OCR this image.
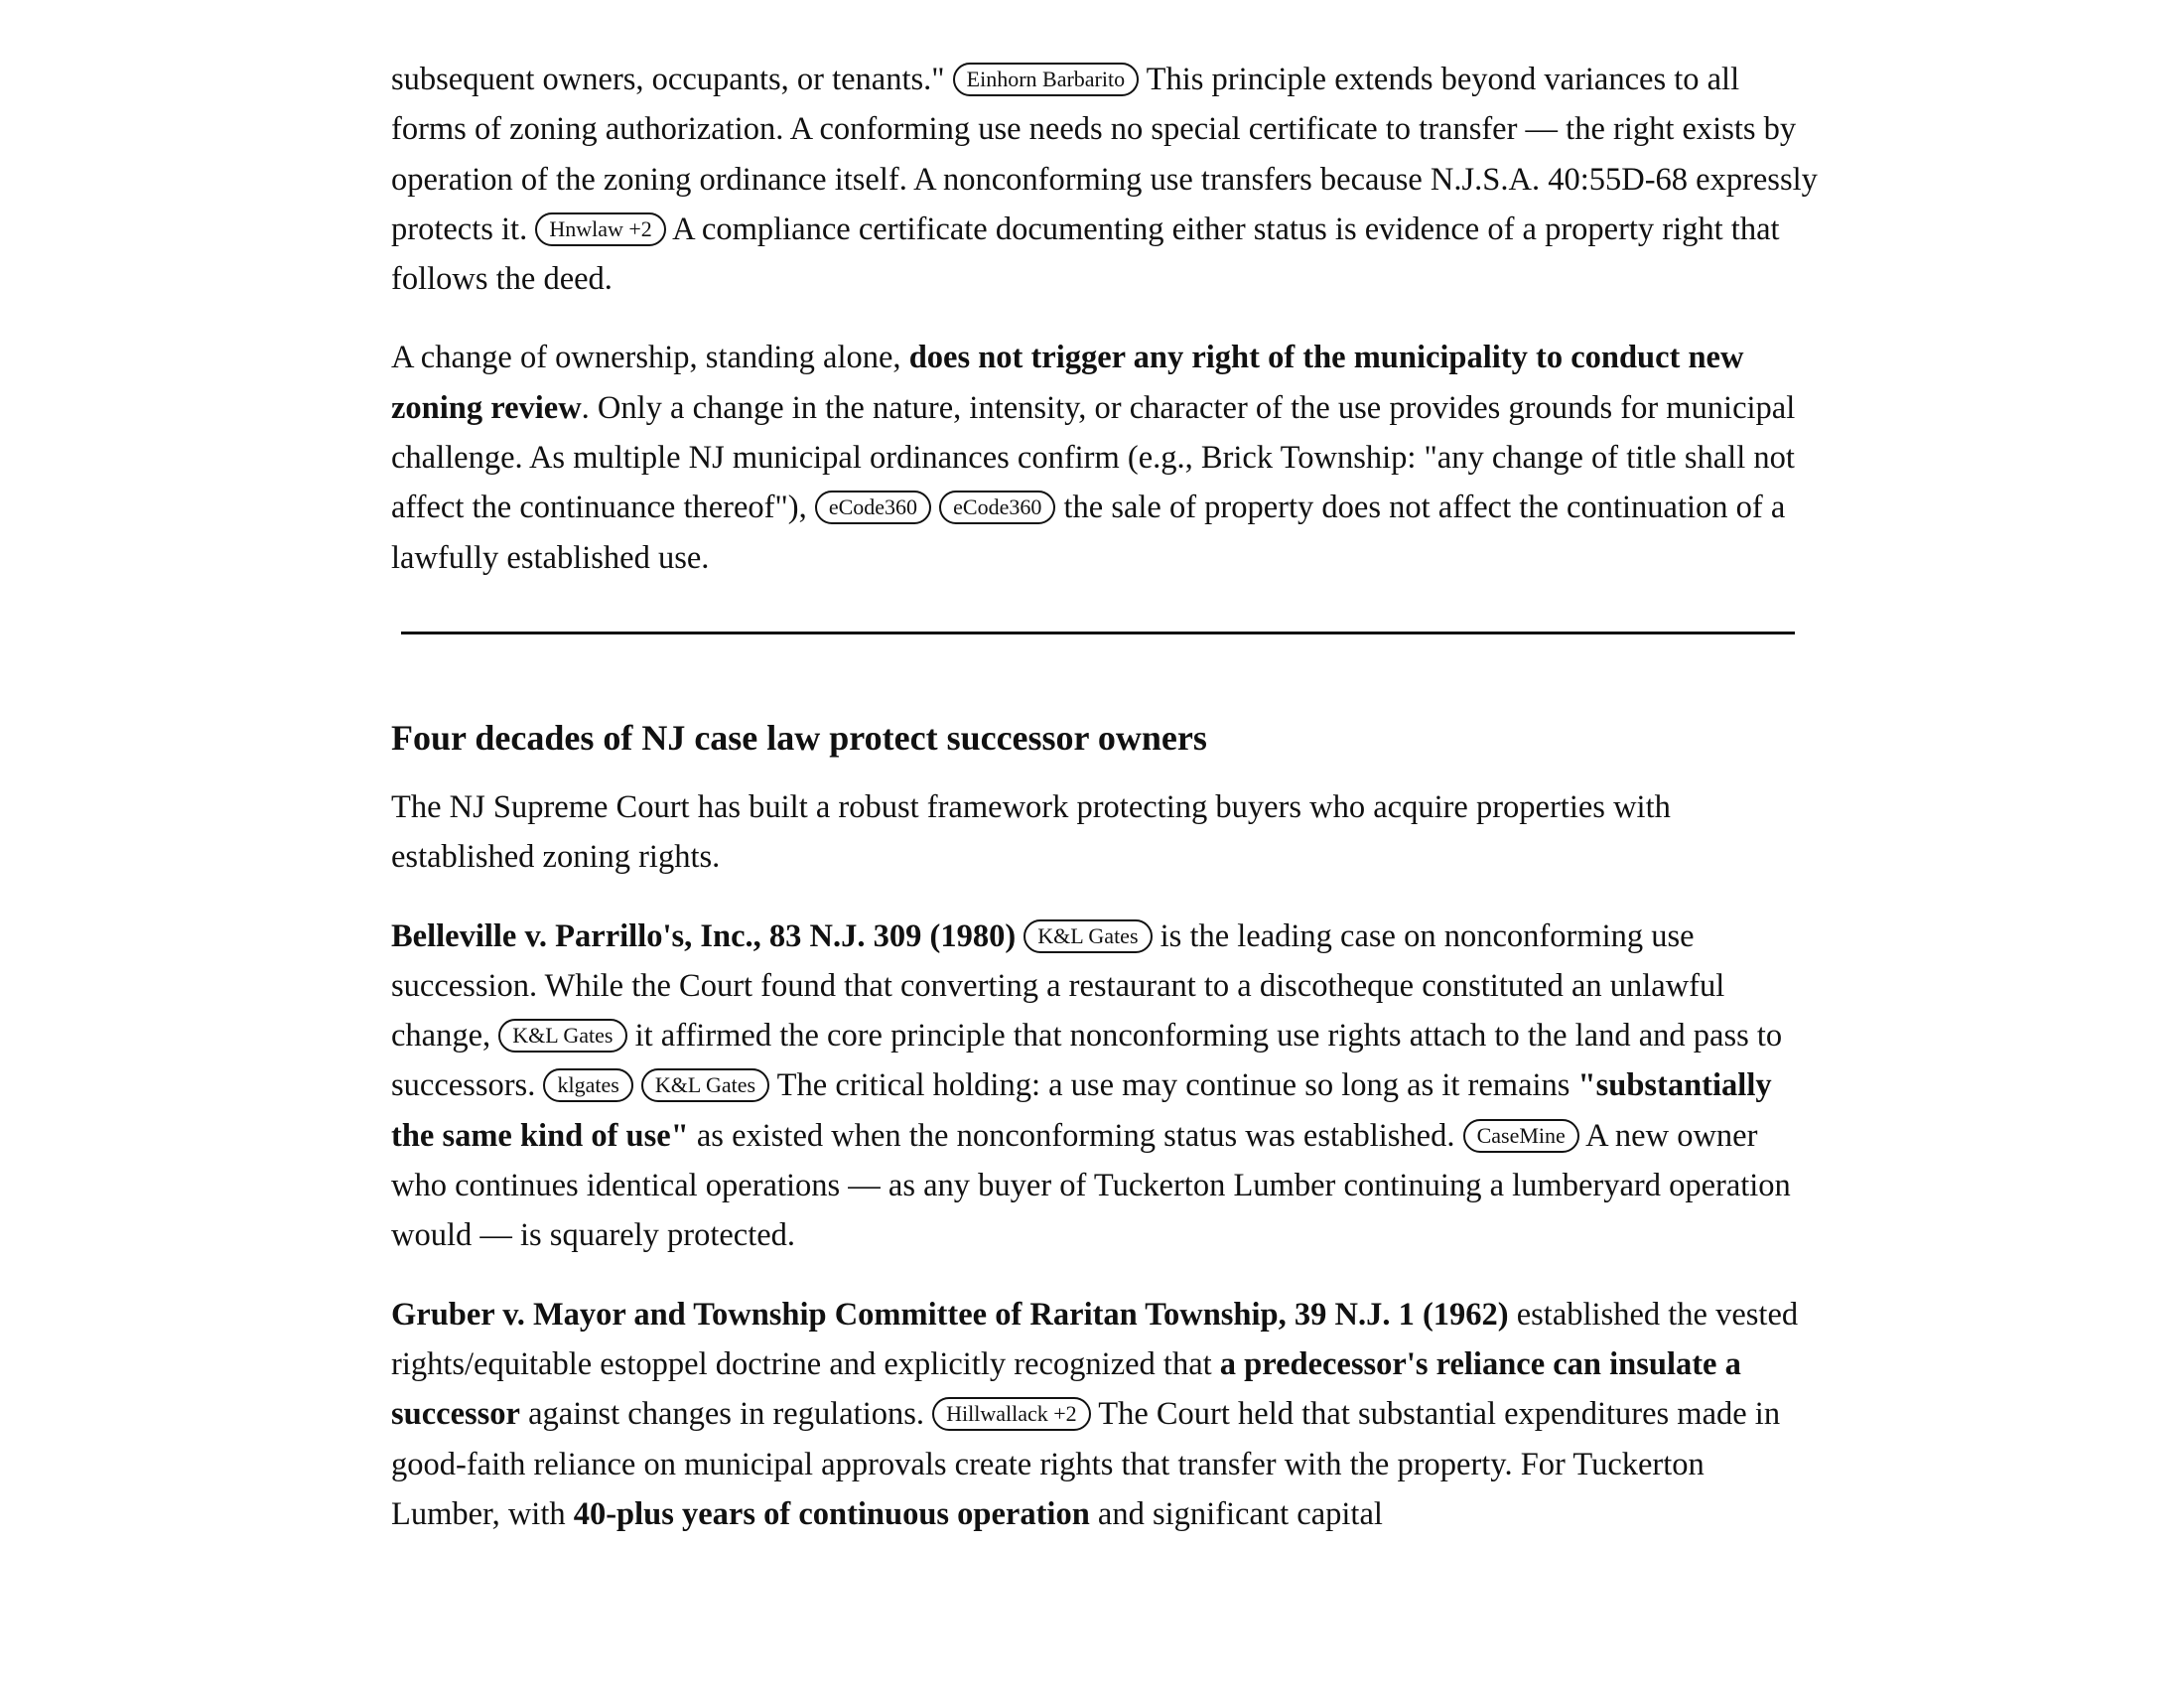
subsequent owners, occupants, or tenants." Einhorn Barbarito This principle extends beyond variances to all forms of zoning authorization. A conforming use needs no special certificate to transfer — the right exists by operation of the zoning ordinance itself. A nonconforming use transfers because N.J.S.A. 40:55D-68 expressly protects it. Hnwlaw +2 A compliance certificate documenting either status is evidence of a property right that follows the deed.

A change of ownership, standing alone, does not trigger any right of the municipality to conduct new zoning review. Only a change in the nature, intensity, or character of the use provides grounds for municipal challenge. As multiple NJ municipal ordinances confirm (e.g., Brick Township: "any change of title shall not affect the continuance thereof"), eCode360 eCode360 the sale of property does not affect the continuation of a lawfully established use.

Four decades of NJ case law protect successor owners

The NJ Supreme Court has built a robust framework protecting buyers who acquire properties with established zoning rights.

Belleville v. Parrillo's, Inc., 83 N.J. 309 (1980) K&L Gates is the leading case on nonconforming use succession. While the Court found that converting a restaurant to a discotheque constituted an unlawful change, K&L Gates it affirmed the core principle that nonconforming use rights attach to the land and pass to successors. klgates K&L Gates The critical holding: a use may continue so long as it remains "substantially the same kind of use" as existed when the nonconforming status was established. CaseMine A new owner who continues identical operations — as any buyer of Tuckerton Lumber continuing a lumberyard operation would — is squarely protected.

Gruber v. Mayor and Township Committee of Raritan Township, 39 N.J. 1 (1962) established the vested rights/equitable estoppel doctrine and explicitly recognized that a predecessor's reliance can insulate a successor against changes in regulations. Hillwallack +2 The Court held that substantial expenditures made in good-faith reliance on municipal approvals create rights that transfer with the property. For Tuckerton Lumber, with 40-plus years of continuous operation and significant capital
